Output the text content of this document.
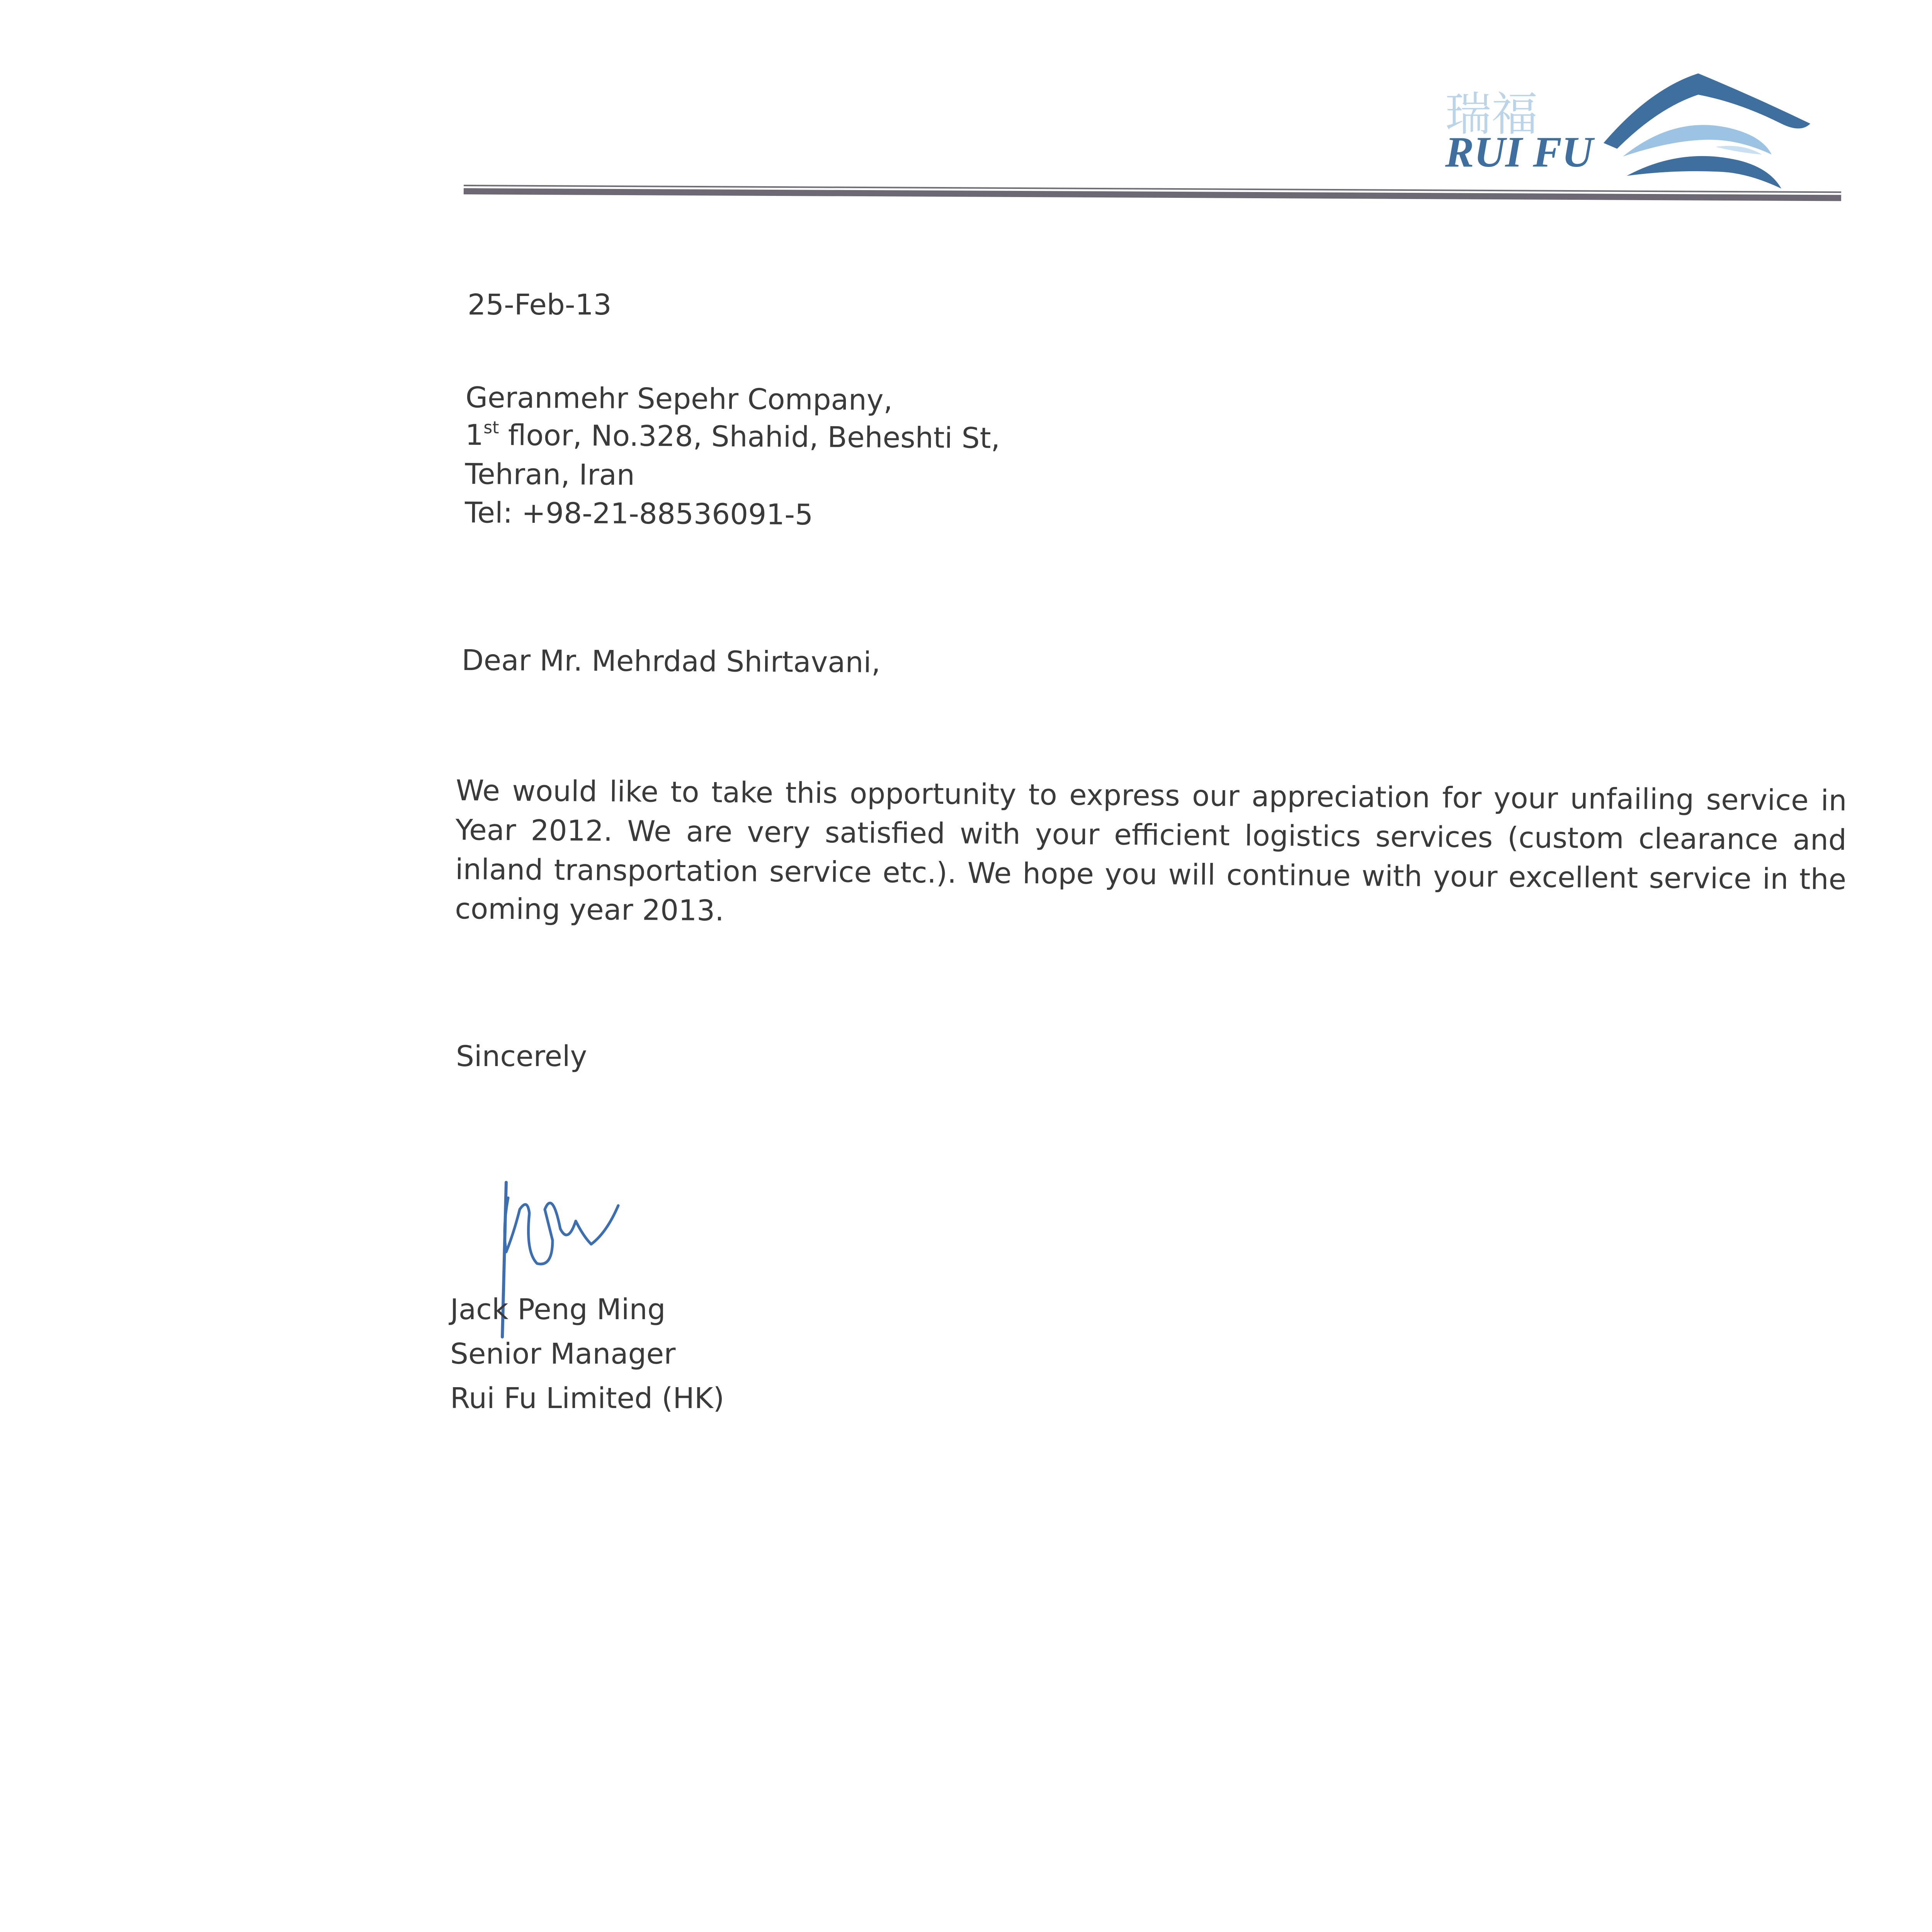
瑞福
RUI FU
25-Feb-13
Geranmehr Sepehr Company,
1st floor, No.328, Shahid, Beheshti St,
Tehran, Iran
Tel: +98-21-88536091-5
Dear Mr. Mehrdad Shirtavani,
We would like to take this opportunity to express our appreciation for your unfailing service in Year 2012. We are very satisfied with your efficient logistics services (custom clearance and inland transportation service etc.). We hope you will continue with your excellent service in the coming year 2013.
Sincerely
Jack Peng Ming
Senior Manager
Rui Fu Limited (HK)
